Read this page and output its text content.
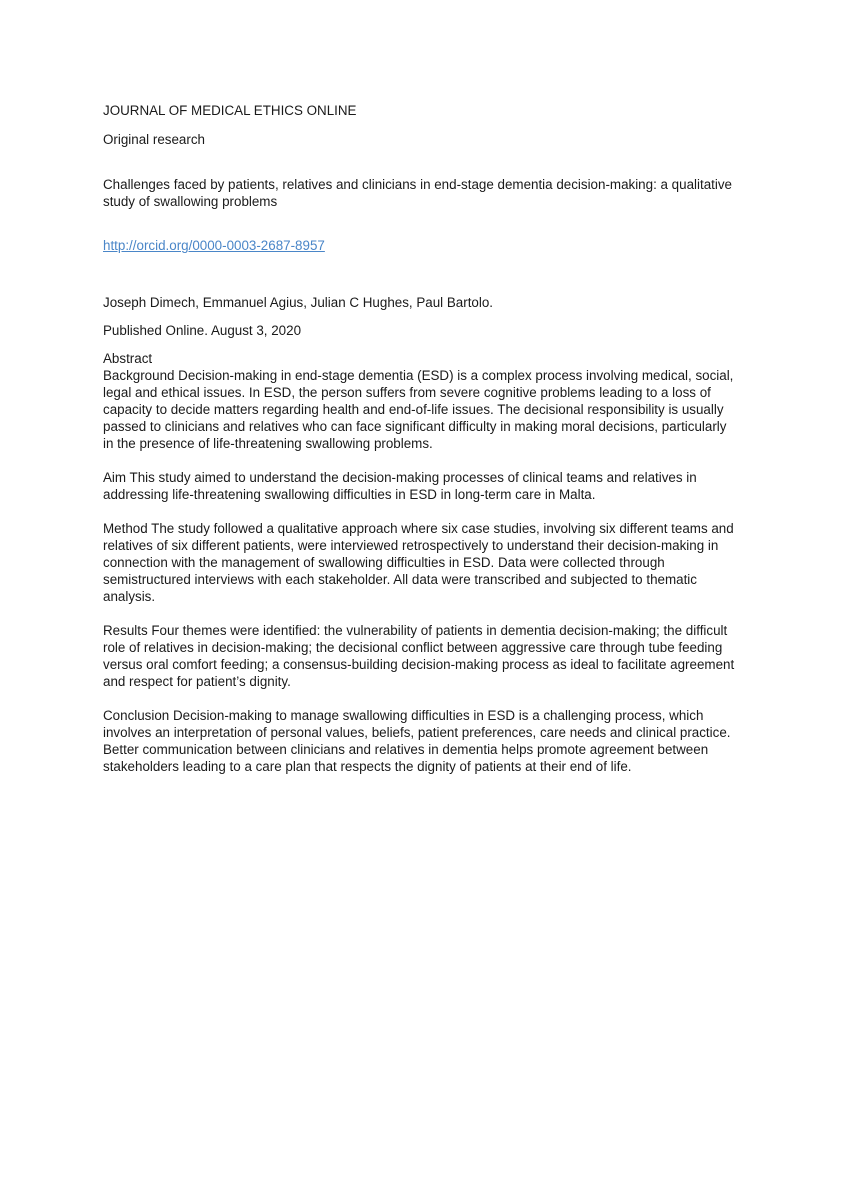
JOURNAL OF MEDICAL ETHICS ONLINE

Original research

Challenges faced by patients, relatives and clinicians in end-stage dementia decision-making: a qualitative

study of swallowing problems

http://orcid.org/0000-0003-2687-8957

Joseph Dimech, Emmanuel Agius, Julian C Hughes, Paul Bartolo.

Published Online. August 3, 2020

Abstract

Background Decision-making in end-stage dementia (ESD) is a complex process involving medical, social,

legal and ethical issues. In ESD, the person suffers from severe cognitive problems leading to a loss of

capacity to decide matters regarding health and end-of-life issues. The decisional responsibility is usually

passed to clinicians and relatives who can face significant difficulty in making moral decisions, particularly

in the presence of life-threatening swallowing problems.

Aim This study aimed to understand the decision-making processes of clinical teams and relatives in

addressing life-threatening swallowing difficulties in ESD in long-term care in Malta.

Method The study followed a qualitative approach where six case studies, involving six different teams and

relatives of six different patients, were interviewed retrospectively to understand their decision-making in

connection with the management of swallowing difficulties in ESD. Data were collected through

semistructured interviews with each stakeholder. All data were transcribed and subjected to thematic

analysis.

Results Four themes were identified: the vulnerability of patients in dementia decision-making; the difficult

role of relatives in decision-making; the decisional conflict between aggressive care through tube feeding

versus oral comfort feeding; a consensus-building decision-making process as ideal to facilitate agreement

and respect for patient’s dignity.

Conclusion Decision-making to manage swallowing difficulties in ESD is a challenging process, which

involves an interpretation of personal values, beliefs, patient preferences, care needs and clinical practice.

Better communication between clinicians and relatives in dementia helps promote agreement between

stakeholders leading to a care plan that respects the dignity of patients at their end of life.
